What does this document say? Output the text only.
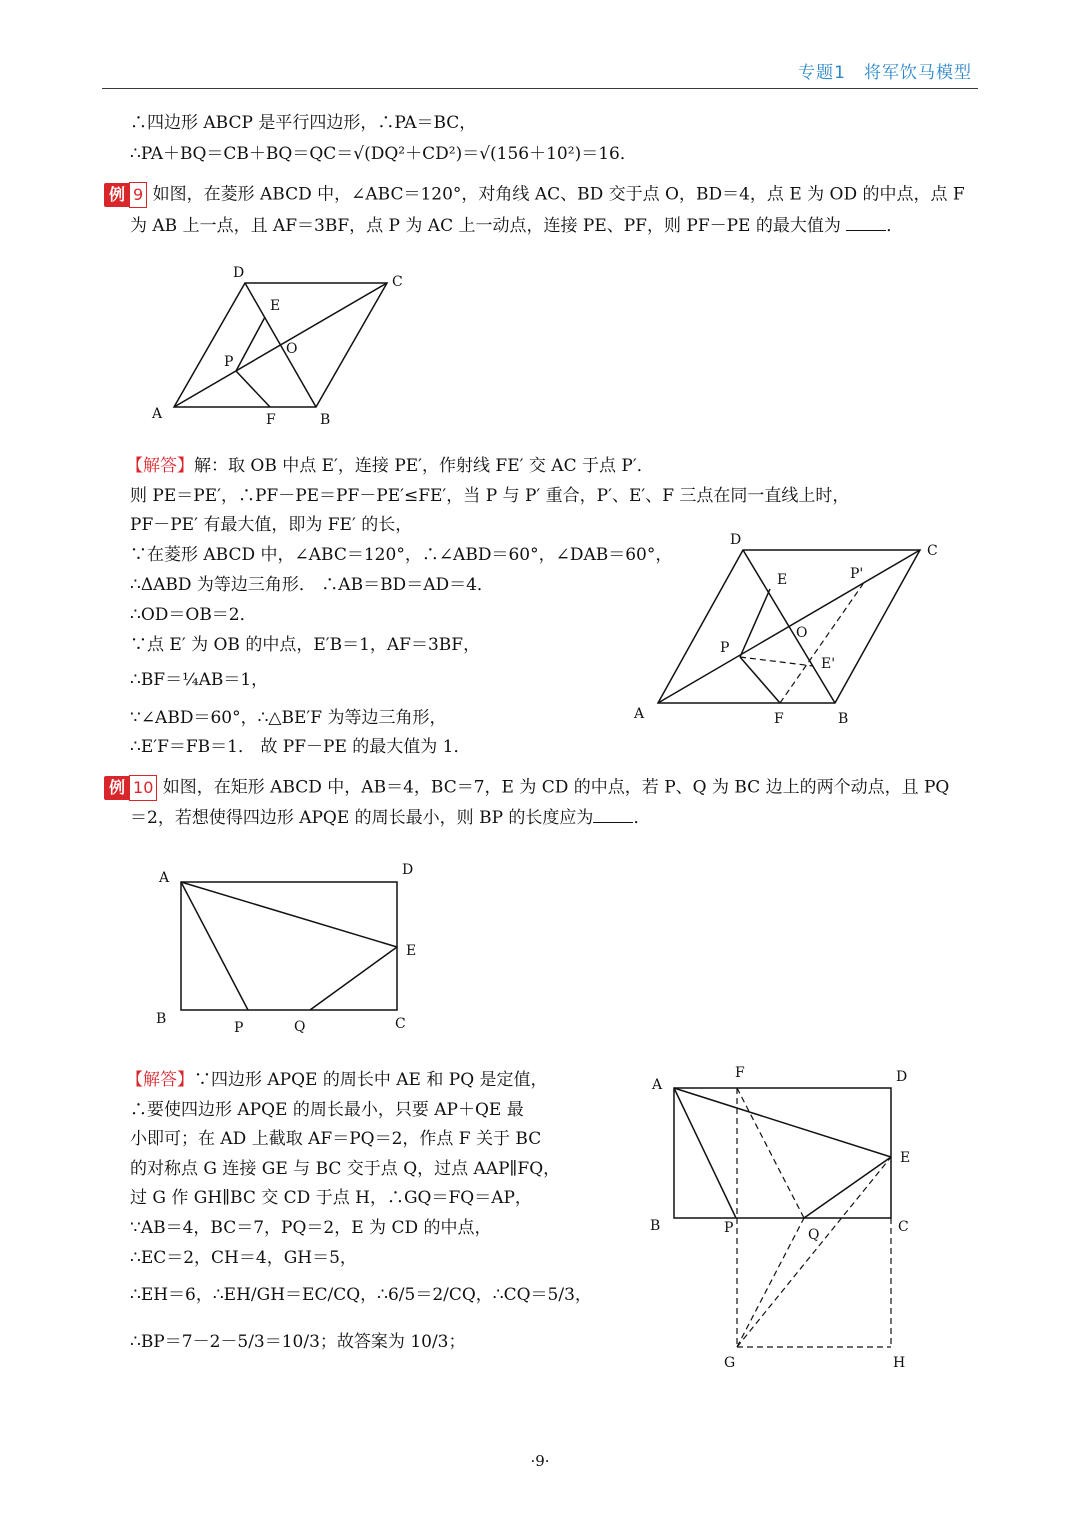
专题1　将军饮马模型
∴四边形 ABCP 是平行四边形，∴PA＝BC，
∴PA＋BQ＝CB＋BQ＝QC＝√(DQ²＋CD²)＝√(156＋10²)＝16．
例 9 如图，在菱形 ABCD 中，∠ABC＝120°，对角线 AC、BD 交于点 O，BD＝4，点 E 为 OD 的中点，点 F
为 AB 上一点，且 AF＝3BF，点 P 为 AC 上一动点，连接 PE、PF，则 PF－PE 的最大值为	．
D
C
E
O
P
A	F	B
【解答】解：取 OB 中点 E′，连接 PE′，作射线 FE′ 交 AC 于点 P′．
则 PE＝PE′，∴PF－PE＝PF－PE′≤FE′，当 P 与 P′ 重合，P′、E′、F 三点在同一直线上时，
PF－PE′ 有最大值，即为 FE′ 的长，
∵在菱形 ABCD 中，∠ABC＝120°，∴∠ABD＝60°，∠DAB＝60°，
∴ΔABD 为等边三角形． ∴AB＝BD＝AD＝4．
∴OD＝OB＝2．
∵点 E′ 为 OB 的中点，E′B＝1，AF＝3BF，
∴BF＝¼AB＝1，
∵∠ABD＝60°，∴△BE′F 为等边三角形，
∴E′F＝FB＝1． 故 PF－PE 的最大值为 1．
D
C
E	P'
O
P
E'
A	F	B
例 10 如图，在矩形 ABCD 中，AB＝4，BC＝7，E 为 CD 的中点，若 P、Q 为 BC 边上的两个动点，且 PQ
＝2，若想使得四边形 APQE 的周长最小，则 BP 的长度应为 ．
A	D
E
B
P	Q	C
【解答】∵四边形 APQE 的周长中 AE 和 PQ 是定值，
∴要使四边形 APQE 的周长最小，只要 AP＋QE 最
小即可；在 AD 上截取 AF＝PQ＝2，作点 F 关于 BC
的对称点 G 连接 GE 与 BC 交于点 Q，过点 AAP∥FQ，
过 G 作 GH∥BC 交 CD 于点 H，∴GQ＝FQ＝AP，
∵AB＝4，BC＝7，PQ＝2，E 为 CD 的中点，
∴EC＝2，CH＝4，GH＝5，
∴EH＝6，∴EH/GH＝EC/CQ，∴6/5＝2/CQ，∴CQ＝5/3，
∴BP＝7－2－5/3＝10/3；故答案为 10/3；
A
F	D
E
B	P	Q	C
G	H
·9·
